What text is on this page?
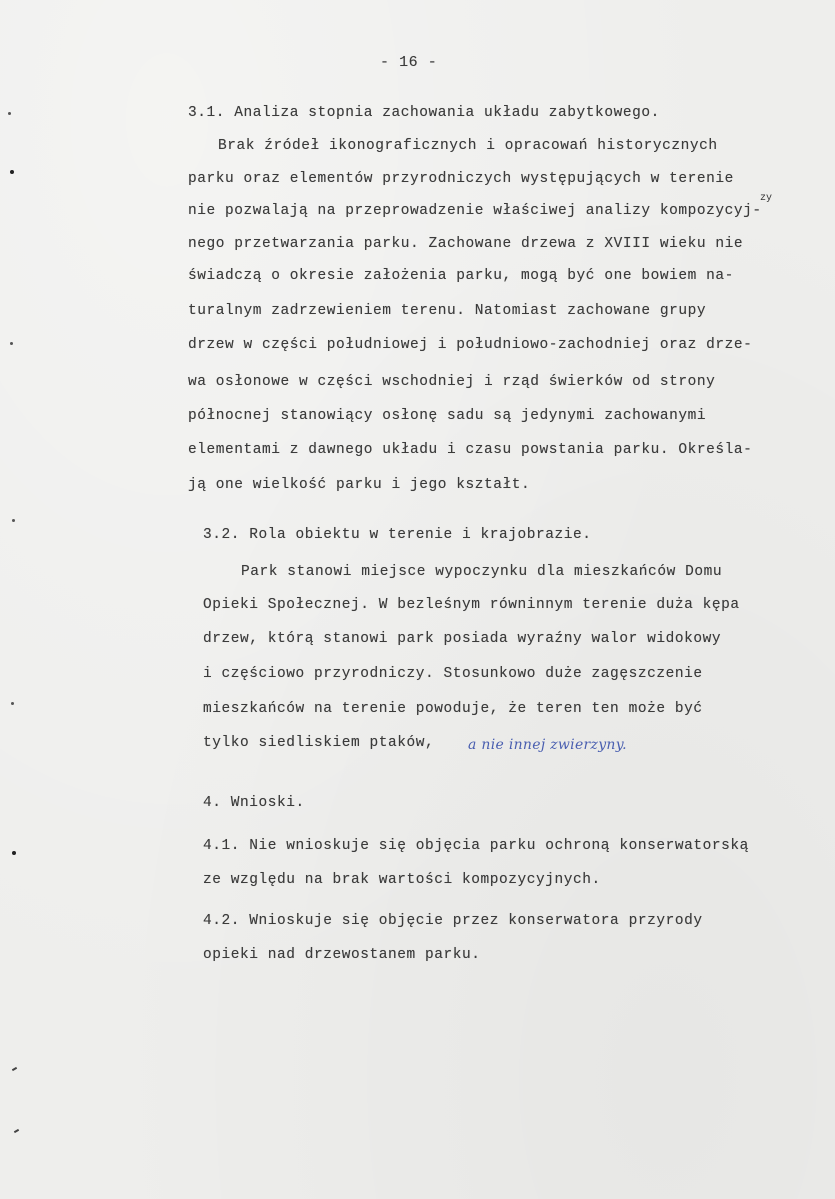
- 16 -
3.1. Analiza stopnia zachowania układu zabytkowego.
Brak źródeł ikonograficznych i opracowań historycznych
parku oraz elementów przyrodniczych występujących w terenie
zy
nie pozwalają na przeprowadzenie właściwej analizy kompozycyj-
nego przetwarzania parku. Zachowane drzewa z XVIII wieku nie
świadczą o okresie założenia parku, mogą być one bowiem na-
turalnym zadrzewieniem terenu. Natomiast zachowane grupy
drzew w części południowej i południowo-zachodniej oraz drze-
wa osłonowe w części wschodniej i rząd świerków od strony
północnej stanowiący osłonę sadu są jedynymi zachowanymi
elementami z dawnego układu i czasu powstania parku. Określa-
ją one wielkość parku i jego kształt.
3.2. Rola obiektu w terenie i krajobrazie.
Park stanowi miejsce wypoczynku dla mieszkańców Domu
Opieki Społecznej. W bezleśnym równinnym terenie duża kępa
drzew, którą stanowi park posiada wyraźny walor widokowy
i częściowo przyrodniczy. Stosunkowo duże zagęszczenie
mieszkańców na terenie powoduje, że teren ten może być
tylko siedliskiem ptaków, a nie innej zwierzyny.
4. Wnioski.
4.1. Nie wnioskuje się objęcia parku ochroną konserwatorską
ze względu na brak wartości kompozycyjnych.
4.2. Wnioskuje się objęcie przez konserwatora przyrody
opieki nad drzewostanem parku.
